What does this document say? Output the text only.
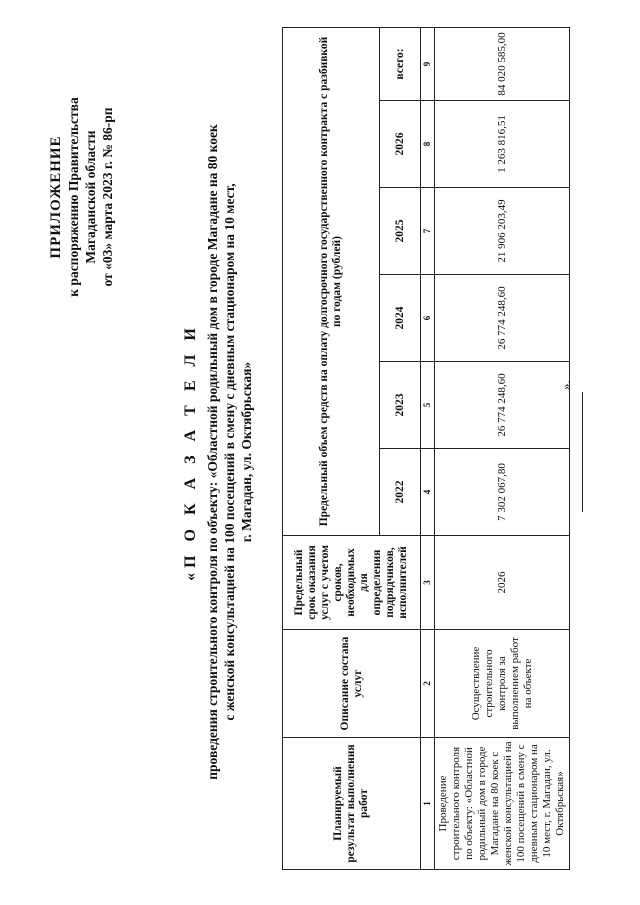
ПРИЛОЖЕНИЕ к распоряжению Правительства Магаданской области от «03» марта 2023 г. № 86-рп
«П О К А З А Т Е Л И проведения строительного контроля по объекту: «Областной родильный дом в городе Магадане на 80 коек с женской консультацией на 100 посещений в смену с дневным стационаром на 10 мест, г. Магадан, ул. Октябрьская»
Планируемый результат выполнения работ	Описание состава услуг	Предельный срок оказания услуг с учетом сроков, необходимых для определения подрядчиков, исполнителей	Предельный объем средств на оплату долгосрочного государственного контракта с разбивкой по годам (рублей)					
			2022	2023	2024	2025	2026	всего:
1	2	3	4	5	6	7	8	9
Проведение строительного контроля по объекту: «Областной родильный дом в городе Магадане на 80 коек с женской консультацией на 100 посещений в смену с дневным стационаром на 10 мест, г. Магадан, ул. Октябрьская»	Осуществление строительного контроля за выполнением работ на объекте	2026	7 302 067,80	26 774 248,60	26 774 248,60	21 906 203,49	1 263 816,51	84 020 585,00
».
